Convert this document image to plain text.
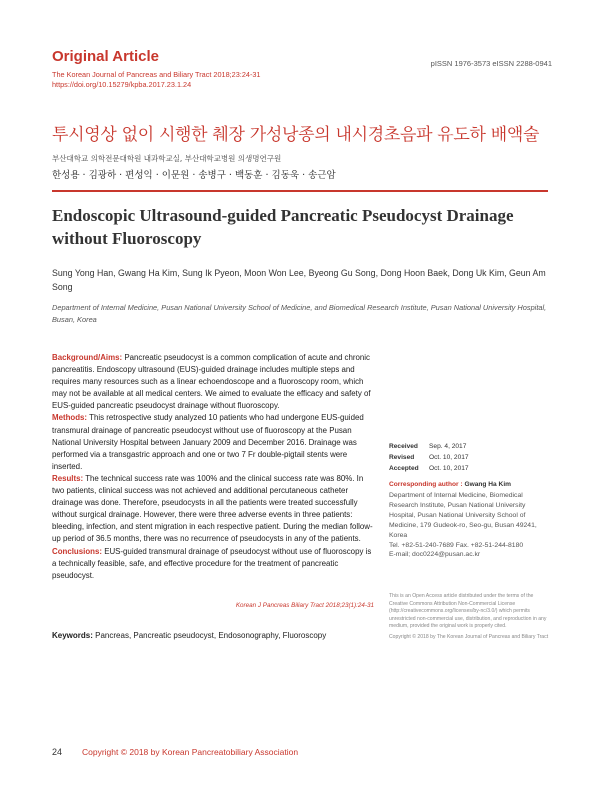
Original Article
The Korean Journal of Pancreas and Biliary Tract 2018;23:24-31
https://doi.org/10.15279/kpba.2017.23.1.24
pISSN 1976-3573 eISSN 2288-0941
투시영상 없이 시행한 췌장 가성낭종의 내시경초음파 유도하 배액술
부산대학교 의학전문대학원 내과학교실, 부산대학교병원 의생명연구원
한성용 · 김광하 · 편성익 · 이문원 · 송병구 · 백동훈 · 김동욱 · 송근암
Endoscopic Ultrasound-guided Pancreatic Pseudocyst Drainage without Fluoroscopy
Sung Yong Han, Gwang Ha Kim, Sung Ik Pyeon, Moon Won Lee, Byeong Gu Song, Dong Hoon Baek, Dong Uk Kim, Geun Am Song
Department of Internal Medicine, Pusan National University School of Medicine, and Biomedical Research Institute, Pusan National University Hospital, Busan, Korea

Background/Aims: Pancreatic pseudocyst is a common complication of acute and chronic pancreatitis. Endoscopy ultrasound (EUS)-guided drainage includes multiple steps and requires many resources such as a linear echoendoscope and a fluoroscopy room, which may not be available at all medical centers. We aimed to evaluate the efficacy and safety of EUS-guided pancreatic pseudocyst drainage without fluoroscopy.

Methods: This retrospective study analyzed 10 patients who had undergone EUS-guided transmural drainage of pancreatic pseudocyst without use of fluoroscopy at the Pusan National University Hospital between January 2009 and December 2016. Drainage was performed via a transgastric approach and one or two 7 Fr double-pigtail stents were inserted.

Results: The technical success rate was 100% and the clinical success rate was 80%. In two patients, clinical success was not achieved and additional percutaneous catheter drainage was done. Therefore, pseudocysts in all the patients were treated successfully without surgical drainage. However, there were three adverse events in three patients: bleeding, infection, and stent migration in each respective patient. During the median follow-up period of 36.5 months, there was no recurrence of pseudocysts in any of the patients.

Conclusions: EUS-guided transmural drainage of pseudocyst without use of fluoroscopy is a technically feasible, safe, and effective procedure for the treatment of pancreatic pseudocyst.

Korean J Pancreas Biliary Tract 2018;23(1):24-31
Keywords: Pancreas, Pancreatic pseudocyst, Endosonography, Fluoroscopy
Received Sep. 4, 2017
Revised Oct. 10, 2017
Accepted Oct. 10, 2017
Corresponding author : Gwang Ha Kim
Department of Internal Medicine, Biomedical Research Institute, Pusan National University Hospital, Pusan National University School of Medicine, 179 Gudeok-ro, Seo-gu, Busan 49241, Korea
Tel. +82-51-240-7689 Fax. +82-51-244-8180
E-mail; doc0224@pusan.ac.kr
This is an Open Access article distributed under the terms of the Creative Commons Attribution Non-Commercial License (http://creativecommons.org/licenses/by-nc/3.0/) which permits unrestricted non-commercial use, distribution, and reproduction in any medium, provided the original work is properly cited.
Copyright © 2018 by The Korean Journal of Pancreas and Biliary Tract
24 Copyright © 2018 by Korean Pancreatobiliary Association
